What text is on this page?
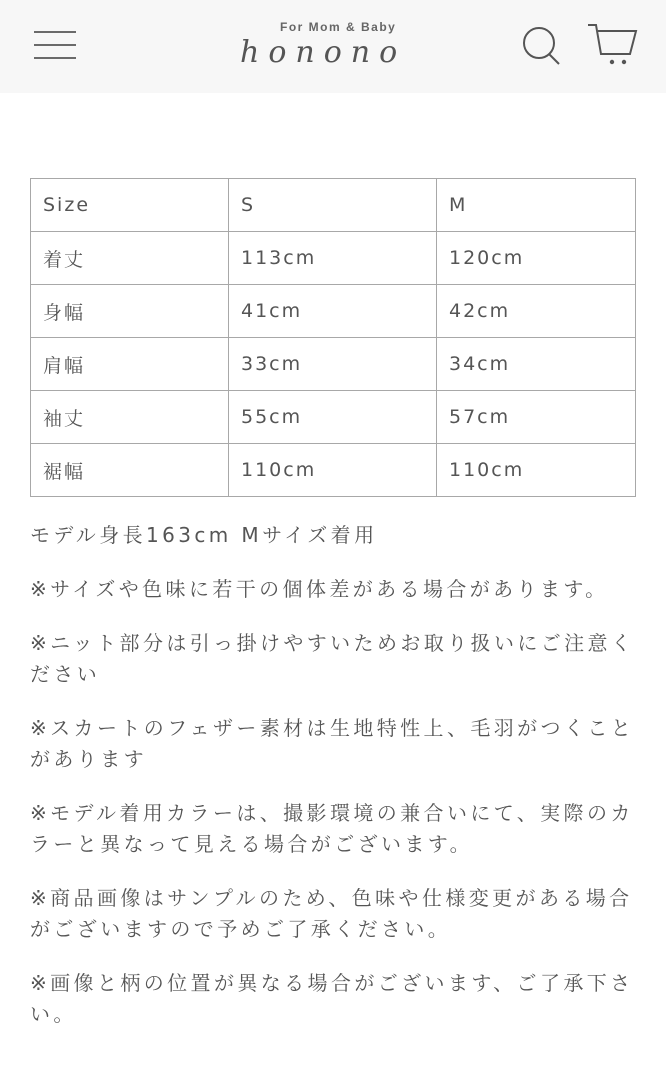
For Mom & Baby
honono
Size	S	M
着丈	113cm	120cm
身幅	41cm	42cm
肩幅	33cm	34cm
袖丈	55cm	57cm
裾幅	110cm	110cm

モデル身長163cm Mサイズ着用

※サイズや色味に若干の個体差がある場合があります。

※ニット部分は引っ掛けやすいためお取り扱いにご注意ください

※スカートのフェザー素材は生地特性上、毛羽がつくことがあります

※モデル着用カラーは、撮影環境の兼合いにて、実際のカラーと異なって見える場合がございます。

※商品画像はサンプルのため、色味や仕様変更がある場合がございますので予めご了承ください。

※画像と柄の位置が異なる場合がございます、ご了承下さい。
